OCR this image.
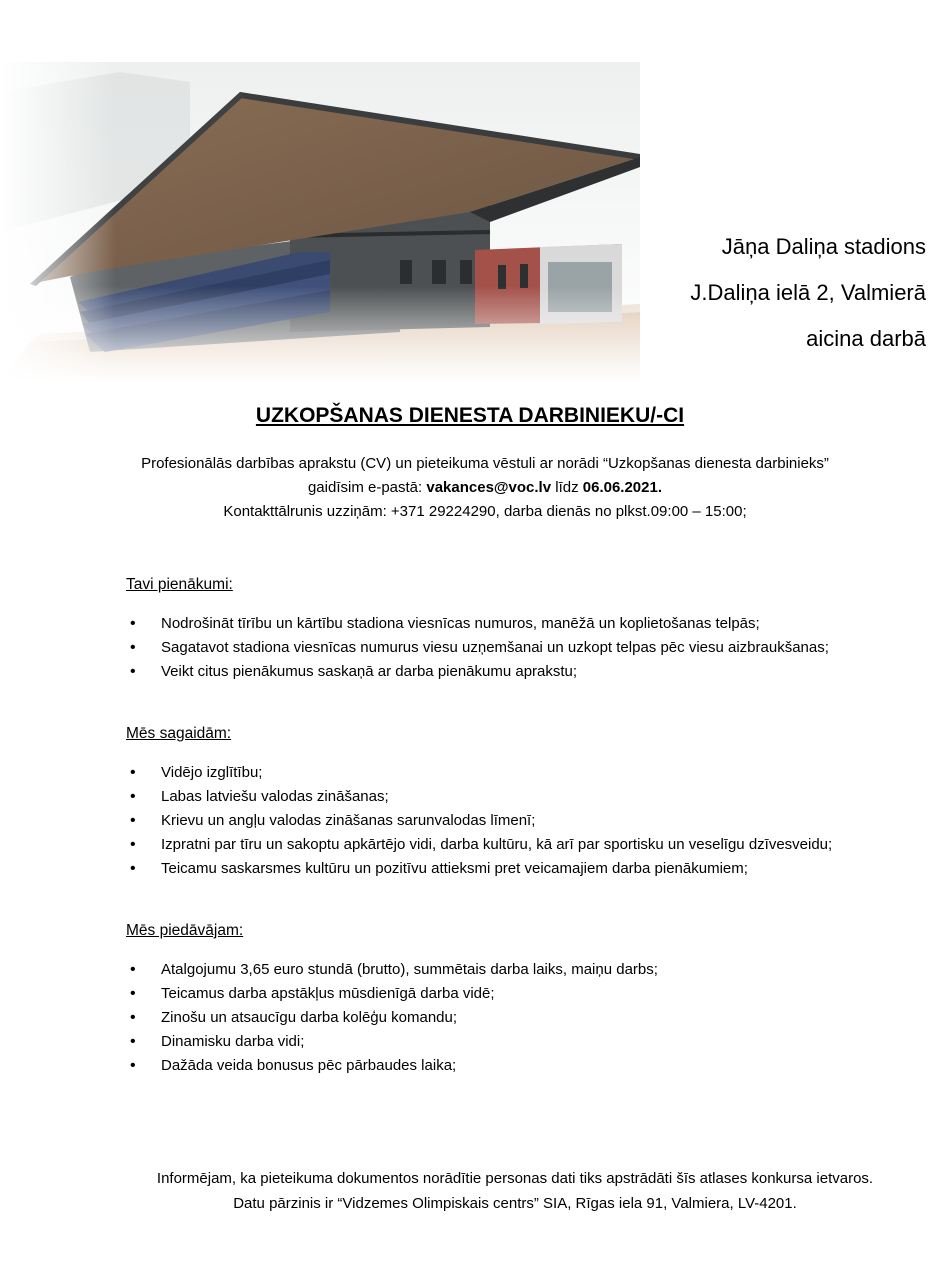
Jāņa Daliņa stadions
J.Daliņa ielā 2, Valmierā
aicina darbā
UZKOPŠANAS DIENESTA DARBINIEKU/-CI
Profesionālās darbības aprakstu (CV) un pieteikuma vēstuli ar norādi “Uzkopšanas dienesta darbinieks”
gaidīsim e-pastā: vakances@voc.lv līdz 06.06.2021.
Kontakttālrunis uzziņām: +371 29224290, darba dienās no plkst.09:00 – 15:00;
Tavi pienākumi:
• Nodrošināt tīrību un kārtību stadiona viesnīcas numuros, manēžā un koplietošanas telpās;
• Sagatavot stadiona viesnīcas numurus viesu uzņemšanai un uzkopt telpas pēc viesu aizbraukšanas;
• Veikt citus pienākumus saskaņā ar darba pienākumu aprakstu;
Mēs sagaidām:
• Vidējo izglītību;
• Labas latviešu valodas zināšanas;
• Krievu un angļu valodas zināšanas sarunvalodas līmenī;
• Izpratni par tīru un sakoptu apkārtējo vidi, darba kultūru, kā arī par sportisku un veselīgu dzīvesveidu;
• Teicamu saskarsmes kultūru un pozitīvu attieksmi pret veicamajiem darba pienākumiem;
Mēs piedāvājam:
• Atalgojumu 3,65 euro stundā (brutto), summētais darba laiks, maiņu darbs;
• Teicamus darba apstākļus mūsdienīgā darba vidē;
• Zinošu un atsaucīgu darba kolēģu komandu;
• Dinamisku darba vidi;
• Dažāda veida bonusus pēc pārbaudes laika;
Informējam, ka pieteikuma dokumentos norādītie personas dati tiks apstrādāti šīs atlases konkursa ietvaros.
Datu pārzinis ir “Vidzemes Olimpiskais centrs” SIA, Rīgas iela 91, Valmiera, LV-4201.
